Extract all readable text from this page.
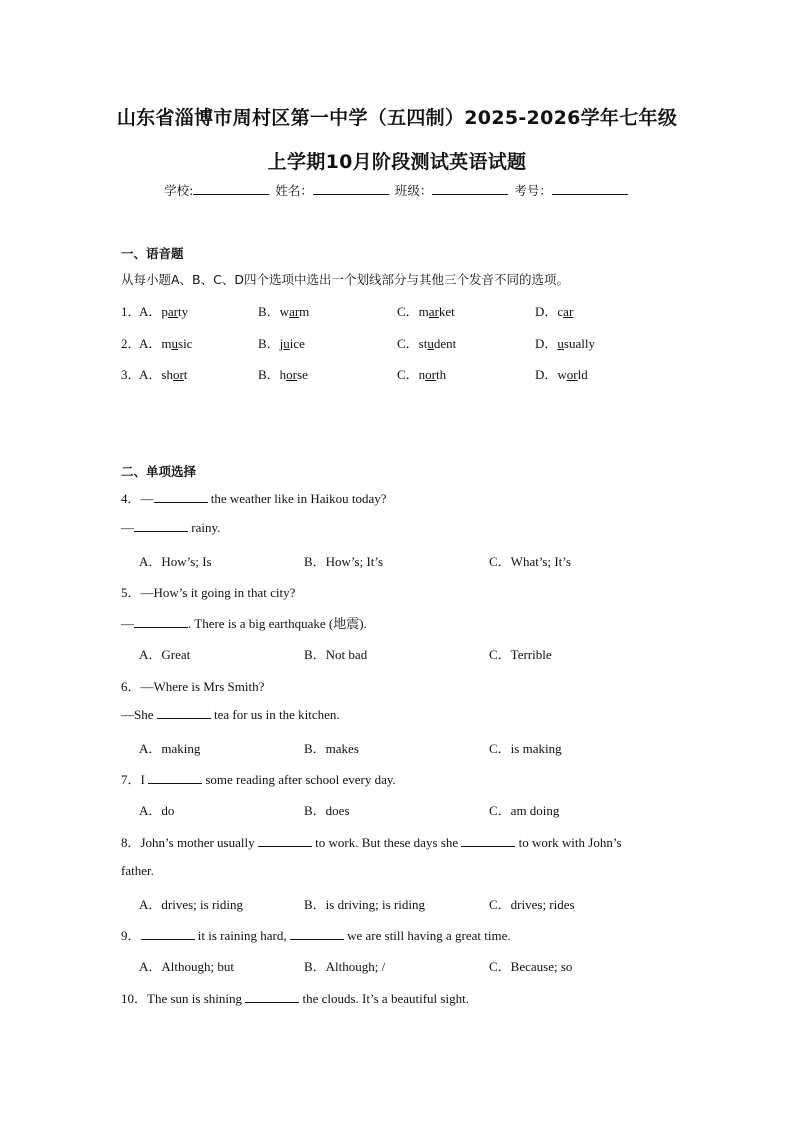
山东省淄博市周村区第一中学（五四制）2025-2026学年七年级
上学期10月阶段测试英语试题
学校:	姓名：	班级：	考号：
一、语音题
从每小题A、B、C、D四个选项中选出一个划线部分与其他三个发音不同的选项。
1．
A．party	B．warm	C．market	D．car
2．
A．music	B．juice	C．student	D．usually
3．
A．short	B．horse	C．north	D．world
二、单项选择
4．—	the weather like in Haikou today?
—	rainy.
A．How’s; Is	B．How’s; It’s	C．What’s; It’s
5．—How’s it going in that city?
—	. There is a big earthquake (地震).
A．Great	B．Not bad	C．Terrible
6．—Where is Mrs Smith?
—She	tea for us in the kitchen.
A．making	B．makes	C．is making
7．I	some reading after school every day.
A．do	B．does	C．am doing
8．John’s mother usually	to work. But these days she	to work with John’s
father.
A．drives; is riding	B．is driving; is riding	C．drives; rides
9．	it is raining hard,	we are still having a great time.
A．Although; but	B．Although; /	C．Because; so
10．The sun is shining	the clouds. It’s a beautiful sight.
